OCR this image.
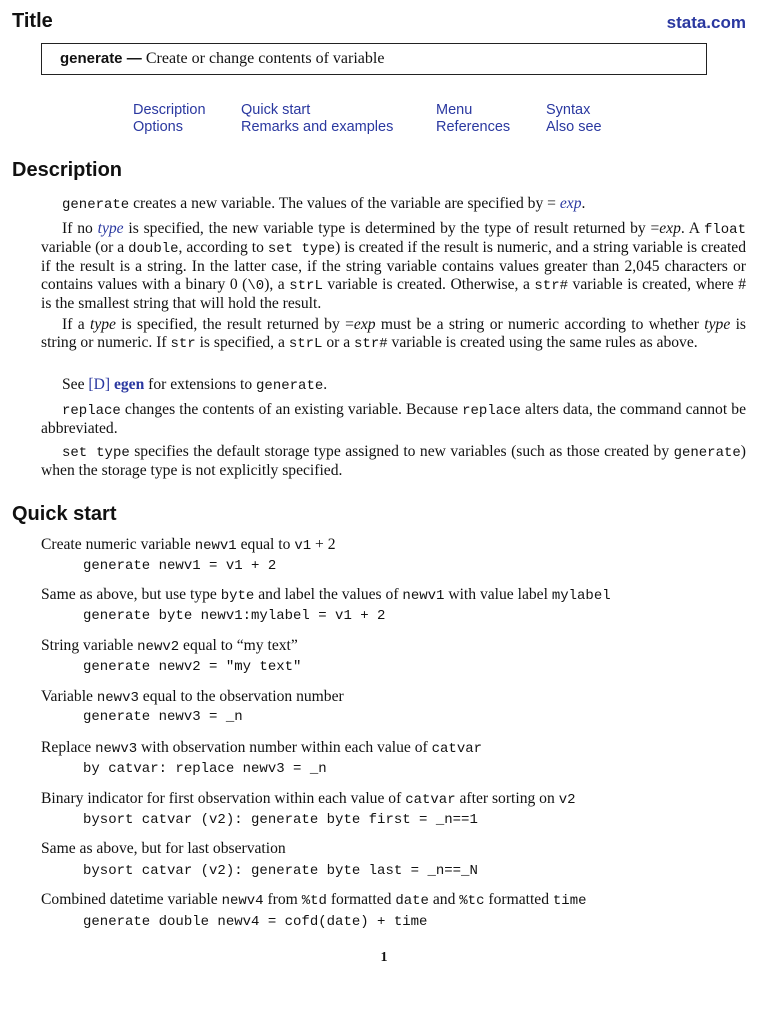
Title	stata.com
generate — Create or change contents of variable
Description
Options
Quick start
Remarks and examples
Menu
References
Syntax
Also see
Description

generate creates a new variable. The values of the variable are specified by = exp.

If no type is specified, the new variable type is determined by the type of result returned by =exp. A float variable (or a double, according to set type) is created if the result is numeric, and a string variable is created if the result is a string. In the latter case, if the string variable contains values greater than 2,045 characters or contains values with a binary 0 (\0), a strL variable is created. Otherwise, a str# variable is created, where # is the smallest string that will hold the result.

If a type is specified, the result returned by =exp must be a string or numeric according to whether type is string or numeric. If str is specified, a strL or a str# variable is created using the same rules as above.

See [D] egen for extensions to generate.

replace changes the contents of an existing variable. Because replace alters data, the command cannot be abbreviated.

set type specifies the default storage type assigned to new variables (such as those created by generate) when the storage type is not explicitly specified.

Quick start

Create numeric variable newv1 equal to v1 + 2

generate newv1 = v1 + 2

Same as above, but use type byte and label the values of newv1 with value label mylabel

generate byte newv1:mylabel = v1 + 2

String variable newv2 equal to “my text”

generate newv2 = "my text"

Variable newv3 equal to the observation number

generate newv3 = _n

Replace newv3 with observation number within each value of catvar

by catvar: replace newv3 = _n

Binary indicator for first observation within each value of catvar after sorting on v2

bysort catvar (v2): generate byte first = _n==1

Same as above, but for last observation

bysort catvar (v2): generate byte last = _n==_N

Combined datetime variable newv4 from %td formatted date and %tc formatted time

generate double newv4 = cofd(date) + time

1
